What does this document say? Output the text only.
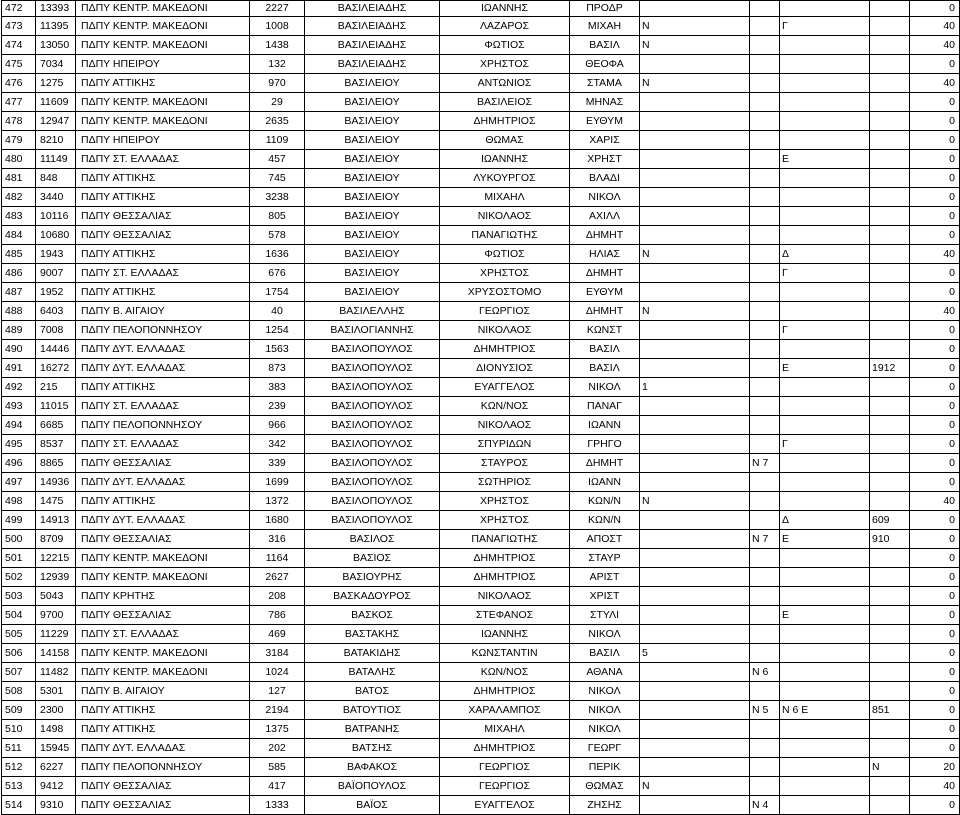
472	13393	ΠΔΠΥ ΚΕΝΤΡ. ΜΑΚΕΔΟΝΙ	2227	ΒΑΣΙΛΕΙΑΔΗΣ	ΙΩΑΝΝΗΣ	ΠΡΟΔΡ					0
473	11395	ΠΔΠΥ ΚΕΝΤΡ. ΜΑΚΕΔΟΝΙ	1008	ΒΑΣΙΛΕΙΑΔΗΣ	ΛΑΖΑΡΟΣ	ΜΙΧΑΗ	Ν		Γ		40
474	13050	ΠΔΠΥ ΚΕΝΤΡ. ΜΑΚΕΔΟΝΙ	1438	ΒΑΣΙΛΕΙΑΔΗΣ	ΦΩΤΙΟΣ	ΒΑΣΙΛ	Ν				40
475	7034	ΠΔΠΥ ΗΠΕΙΡΟΥ	132	ΒΑΣΙΛΕΙΑΔΗΣ	ΧΡΗΣΤΟΣ	ΘΕΟΦΑ					0
476	1275	ΠΔΠΥ ΑΤΤΙΚΗΣ	970	ΒΑΣΙΛΕΙΟΥ	ΑΝΤΩΝΙΟΣ	ΣΤΑΜΑ	Ν				40
477	11609	ΠΔΠΥ ΚΕΝΤΡ. ΜΑΚΕΔΟΝΙ	29	ΒΑΣΙΛΕΙΟΥ	ΒΑΣΙΛΕΙΟΣ	ΜΗΝΑΣ					0
478	12947	ΠΔΠΥ ΚΕΝΤΡ. ΜΑΚΕΔΟΝΙ	2635	ΒΑΣΙΛΕΙΟΥ	ΔΗΜΗΤΡΙΟΣ	ΕΥΘΥΜ					0
479	8210	ΠΔΠΥ ΗΠΕΙΡΟΥ	1109	ΒΑΣΙΛΕΙΟΥ	ΘΩΜΑΣ	ΧΑΡΙΣ					0
480	11149	ΠΔΠΥ ΣΤ. ΕΛΛΑΔΑΣ	457	ΒΑΣΙΛΕΙΟΥ	ΙΩΑΝΝΗΣ	ΧΡΗΣΤ			Ε		0
481	848	ΠΔΠΥ ΑΤΤΙΚΗΣ	745	ΒΑΣΙΛΕΙΟΥ	ΛΥΚΟΥΡΓΟΣ	ΒΛΑΔΙ					0
482	3440	ΠΔΠΥ ΑΤΤΙΚΗΣ	3238	ΒΑΣΙΛΕΙΟΥ	ΜΙΧΑΗΛ	ΝΙΚΟΛ					0
483	10116	ΠΔΠΥ ΘΕΣΣΑΛΙΑΣ	805	ΒΑΣΙΛΕΙΟΥ	ΝΙΚΟΛΑΟΣ	ΑΧΙΛΛ					0
484	10680	ΠΔΠΥ ΘΕΣΣΑΛΙΑΣ	578	ΒΑΣΙΛΕΙΟΥ	ΠΑΝΑΓΙΩΤΗΣ	ΔΗΜΗΤ					0
485	1943	ΠΔΠΥ ΑΤΤΙΚΗΣ	1636	ΒΑΣΙΛΕΙΟΥ	ΦΩΤΙΟΣ	ΗΛΙΑΣ	Ν		Δ		40
486	9007	ΠΔΠΥ ΣΤ. ΕΛΛΑΔΑΣ	676	ΒΑΣΙΛΕΙΟΥ	ΧΡΗΣΤΟΣ	ΔΗΜΗΤ			Γ		0
487	1952	ΠΔΠΥ ΑΤΤΙΚΗΣ	1754	ΒΑΣΙΛΕΙΟΥ	ΧΡΥΣΟΣΤΟΜΟ	ΕΥΘΥΜ					0
488	6403	ΠΔΠΥ Β. ΑΙΓΑΙΟΥ	40	ΒΑΣΙΛΕΛΛΗΣ	ΓΕΩΡΓΙΟΣ	ΔΗΜΗΤ	Ν				40
489	7008	ΠΔΠΥ ΠΕΛΟΠΟΝΝΗΣΟΥ	1254	ΒΑΣΙΛΟΓΙΑΝΝΗΣ	ΝΙΚΟΛΑΟΣ	ΚΩΝΣΤ			Γ		0
490	14446	ΠΔΠΥ ΔΥΤ. ΕΛΛΑΔΑΣ	1563	ΒΑΣΙΛΟΠΟΥΛΟΣ	ΔΗΜΗΤΡΙΟΣ	ΒΑΣΙΛ					0
491	16272	ΠΔΠΥ ΔΥΤ. ΕΛΛΑΔΑΣ	873	ΒΑΣΙΛΟΠΟΥΛΟΣ	ΔΙΟΝΥΣΙΟΣ	ΒΑΣΙΛ			Ε	1912	0
492	215	ΠΔΠΥ ΑΤΤΙΚΗΣ	383	ΒΑΣΙΛΟΠΟΥΛΟΣ	ΕΥΑΓΓΕΛΟΣ	ΝΙΚΟΛ	1				0
493	11015	ΠΔΠΥ ΣΤ. ΕΛΛΑΔΑΣ	239	ΒΑΣΙΛΟΠΟΥΛΟΣ	ΚΩΝ/ΝΟΣ	ΠΑΝΑΓ					0
494	6685	ΠΔΠΥ ΠΕΛΟΠΟΝΝΗΣΟΥ	966	ΒΑΣΙΛΟΠΟΥΛΟΣ	ΝΙΚΟΛΑΟΣ	ΙΩΑΝΝ					0
495	8537	ΠΔΠΥ ΣΤ. ΕΛΛΑΔΑΣ	342	ΒΑΣΙΛΟΠΟΥΛΟΣ	ΣΠΥΡΙΔΩΝ	ΓΡΗΓΟ			Γ		0
496	8865	ΠΔΠΥ ΘΕΣΣΑΛΙΑΣ	339	ΒΑΣΙΛΟΠΟΥΛΟΣ	ΣΤΑΥΡΟΣ	ΔΗΜΗΤ		Ν 7			0
497	14936	ΠΔΠΥ ΔΥΤ. ΕΛΛΑΔΑΣ	1699	ΒΑΣΙΛΟΠΟΥΛΟΣ	ΣΩΤΗΡΙΟΣ	ΙΩΑΝΝ					0
498	1475	ΠΔΠΥ ΑΤΤΙΚΗΣ	1372	ΒΑΣΙΛΟΠΟΥΛΟΣ	ΧΡΗΣΤΟΣ	ΚΩΝ/Ν	Ν				40
499	14913	ΠΔΠΥ ΔΥΤ. ΕΛΛΑΔΑΣ	1680	ΒΑΣΙΛΟΠΟΥΛΟΣ	ΧΡΗΣΤΟΣ	ΚΩΝ/Ν			Δ	609	0
500	8709	ΠΔΠΥ ΘΕΣΣΑΛΙΑΣ	316	ΒΑΣΙΛΟΣ	ΠΑΝΑΓΙΩΤΗΣ	ΑΠΟΣΤ		Ν 7	Ε	910	0
501	12215	ΠΔΠΥ ΚΕΝΤΡ. ΜΑΚΕΔΟΝΙ	1164	ΒΑΣΙΟΣ	ΔΗΜΗΤΡΙΟΣ	ΣΤΑΥΡ					0
502	12939	ΠΔΠΥ ΚΕΝΤΡ. ΜΑΚΕΔΟΝΙ	2627	ΒΑΣΙΟΥΡΗΣ	ΔΗΜΗΤΡΙΟΣ	ΑΡΙΣΤ					0
503	5043	ΠΔΠΥ ΚΡΗΤΗΣ	208	ΒΑΣΚΑΔΟΥΡΟΣ	ΝΙΚΟΛΑΟΣ	ΧΡΙΣΤ					0
504	9700	ΠΔΠΥ ΘΕΣΣΑΛΙΑΣ	786	ΒΑΣΚΟΣ	ΣΤΕΦΑΝΟΣ	ΣΤΥΛΙ			Ε		0
505	11229	ΠΔΠΥ ΣΤ. ΕΛΛΑΔΑΣ	469	ΒΑΣΤΑΚΗΣ	ΙΩΑΝΝΗΣ	ΝΙΚΟΛ					0
506	14158	ΠΔΠΥ ΚΕΝΤΡ. ΜΑΚΕΔΟΝΙ	3184	ΒΑΤΑΚΙΔΗΣ	ΚΩΝΣΤΑΝΤΙΝ	ΒΑΣΙΛ	5				0
507	11482	ΠΔΠΥ ΚΕΝΤΡ. ΜΑΚΕΔΟΝΙ	1024	ΒΑΤΑΛΗΣ	ΚΩΝ/ΝΟΣ	ΑΘΑΝΑ		Ν 6			0
508	5301	ΠΔΠΥ Β. ΑΙΓΑΙΟΥ	127	ΒΑΤΟΣ	ΔΗΜΗΤΡΙΟΣ	ΝΙΚΟΛ					0
509	2300	ΠΔΠΥ ΑΤΤΙΚΗΣ	2194	ΒΑΤΟΥΤΙΟΣ	ΧΑΡΑΛΑΜΠΟΣ	ΝΙΚΟΛ		Ν 5	Ν 6 Ε	851	0
510	1498	ΠΔΠΥ ΑΤΤΙΚΗΣ	1375	ΒΑΤΡΑΝΗΣ	ΜΙΧΑΗΛ	ΝΙΚΟΛ					0
511	15945	ΠΔΠΥ ΔΥΤ. ΕΛΛΑΔΑΣ	202	ΒΑΤΣΗΣ	ΔΗΜΗΤΡΙΟΣ	ΓΕΩΡΓ					0
512	6227	ΠΔΠΥ ΠΕΛΟΠΟΝΝΗΣΟΥ	585	ΒΑΦΑΚΟΣ	ΓΕΩΡΓΙΟΣ	ΠΕΡΙΚ				Ν	20
513	9412	ΠΔΠΥ ΘΕΣΣΑΛΙΑΣ	417	ΒΑΪΟΠΟΥΛΟΣ	ΓΕΩΡΓΙΟΣ	ΘΩΜΑΣ	Ν				40
514	9310	ΠΔΠΥ ΘΕΣΣΑΛΙΑΣ	1333	ΒΑΪΟΣ	ΕΥΑΓΓΕΛΟΣ	ΖΗΣΗΣ		Ν 4			0
